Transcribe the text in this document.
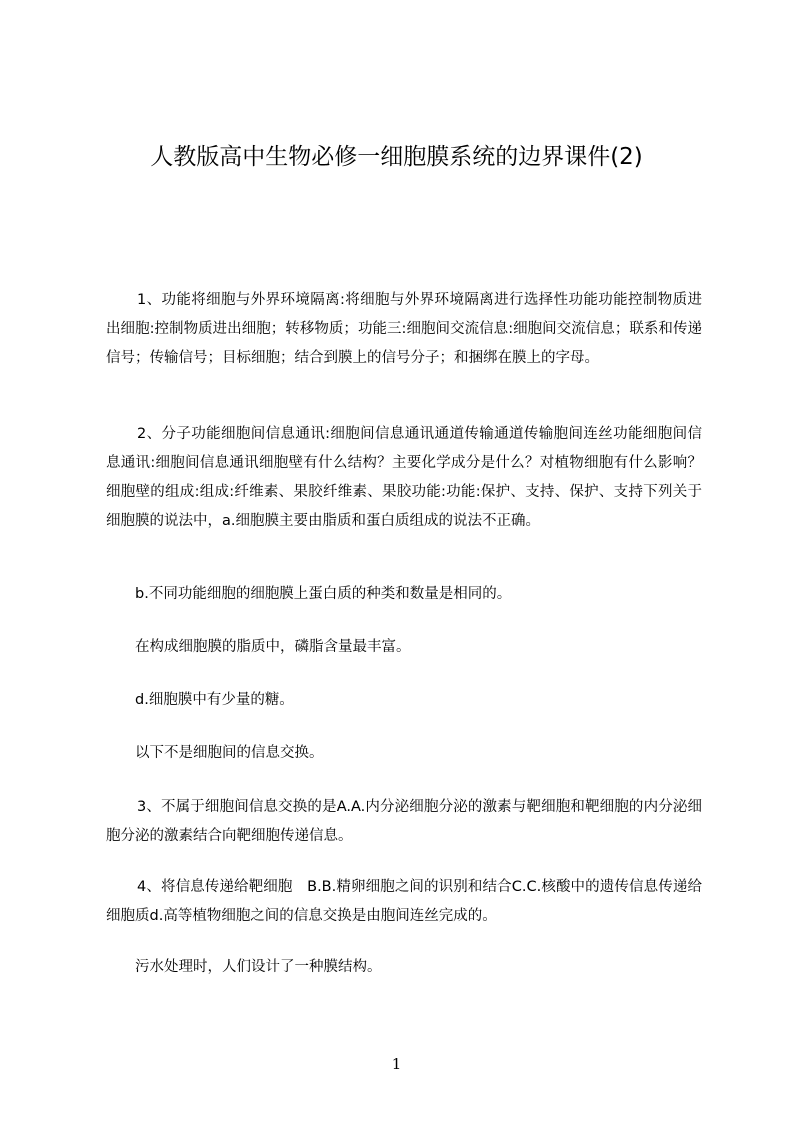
人教版高中生物必修一细胞膜系统的边界课件(2)

1、功能将细胞与外界环境隔离:将细胞与外界环境隔离进行选择性功能功能控制物质进出细胞:控制物质进出细胞；转移物质；功能三:细胞间交流信息:细胞间交流信息；联系和传递信号；传输信号；目标细胞；结合到膜上的信号分子；和捆绑在膜上的字母。

2、分子功能细胞间信息通讯:细胞间信息通讯通道传输通道传输胞间连丝功能细胞间信息通讯:细胞间信息通讯细胞壁有什么结构？主要化学成分是什么？对植物细胞有什么影响？细胞壁的组成:组成:纤维素、果胶纤维素、果胶功能:功能:保护、支持、保护、支持下列关于细胞膜的说法中，a.细胞膜主要由脂质和蛋白质组成的说法不正确。

b.不同功能细胞的细胞膜上蛋白质的种类和数量是相同的。

在构成细胞膜的脂质中，磷脂含量最丰富。

d.细胞膜中有少量的糖。

以下不是细胞间的信息交换。

3、不属于细胞间信息交换的是A.A.内分泌细胞分泌的激素与靶细胞和靶细胞的内分泌细胞分泌的激素结合向靶细胞传递信息。

4、将信息传递给靶细胞　B.B.精卵细胞之间的识别和结合C.C.核酸中的遗传信息传递给细胞质d.高等植物细胞之间的信息交换是由胞间连丝完成的。

污水处理时，人们设计了一种膜结构。

1
